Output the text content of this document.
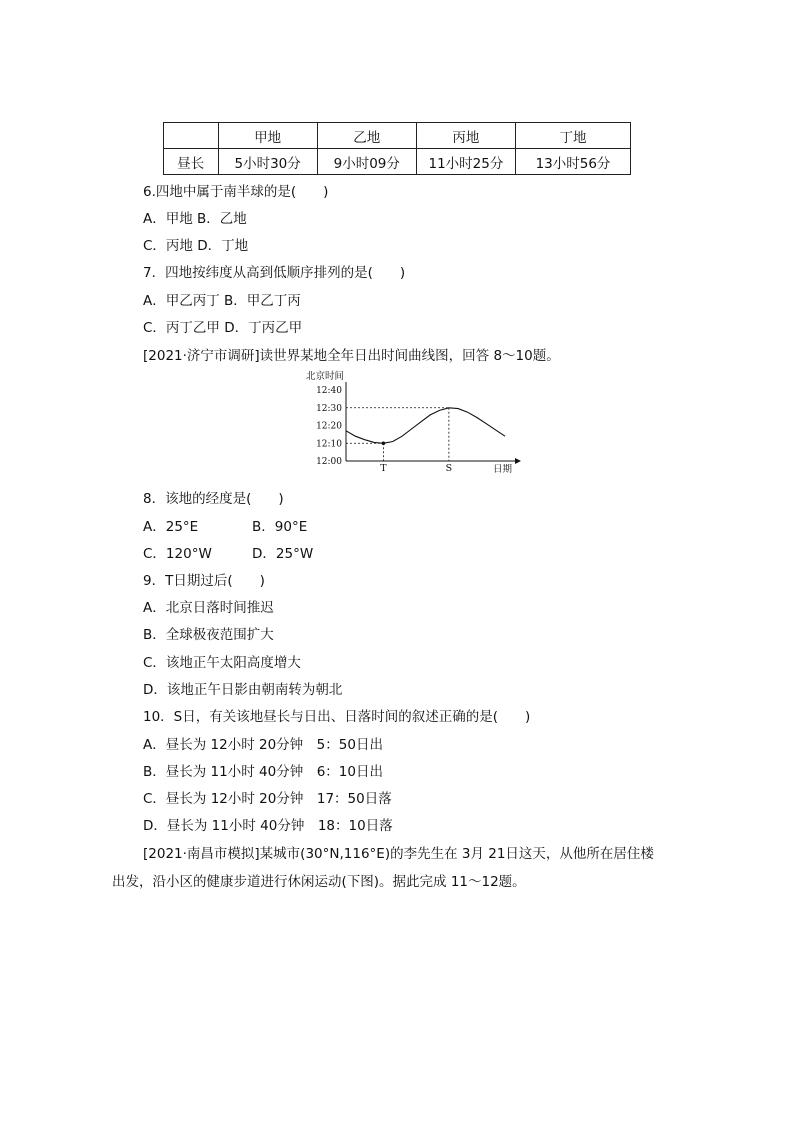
	甲地	乙地	丙地	丁地
昼长	5小时30分	9小时09分	11小时25分	13小时56分
6.四地中属于南半球的是(　　)
A．甲地 B．乙地
C．丙地 D．丁地
7．四地按纬度从高到低顺序排列的是(　　)
A．甲乙丙丁 B．甲乙丁丙
C．丙丁乙甲 D．丁丙乙甲
[2021·济宁市调研]读世界某地全年日出时间曲线图，回答 8～10题。
北京时间
日期
12:40
12:30
12:20
12:10
12:00
T	S
8．该地的经度是(　　)
A．25°E	B．90°E
C．120°W	D．25°W
9．T日期过后(　　)
A．北京日落时间推迟
B．全球极夜范围扩大
C．该地正午太阳高度增大
D．该地正午日影由朝南转为朝北
10．S日，有关该地昼长与日出、日落时间的叙述正确的是(　　)
A．昼长为 12小时 20分钟　5：50日出
B．昼长为 11小时 40分钟　6：10日出
C．昼长为 12小时 20分钟　17：50日落
D．昼长为 11小时 40分钟　18：10日落
[2021·南昌市模拟]某城市(30°N,116°E)的李先生在 3月 21日这天，从他所在居住楼
出发，沿小区的健康步道进行休闲运动(下图)。据此完成 11～12题。
